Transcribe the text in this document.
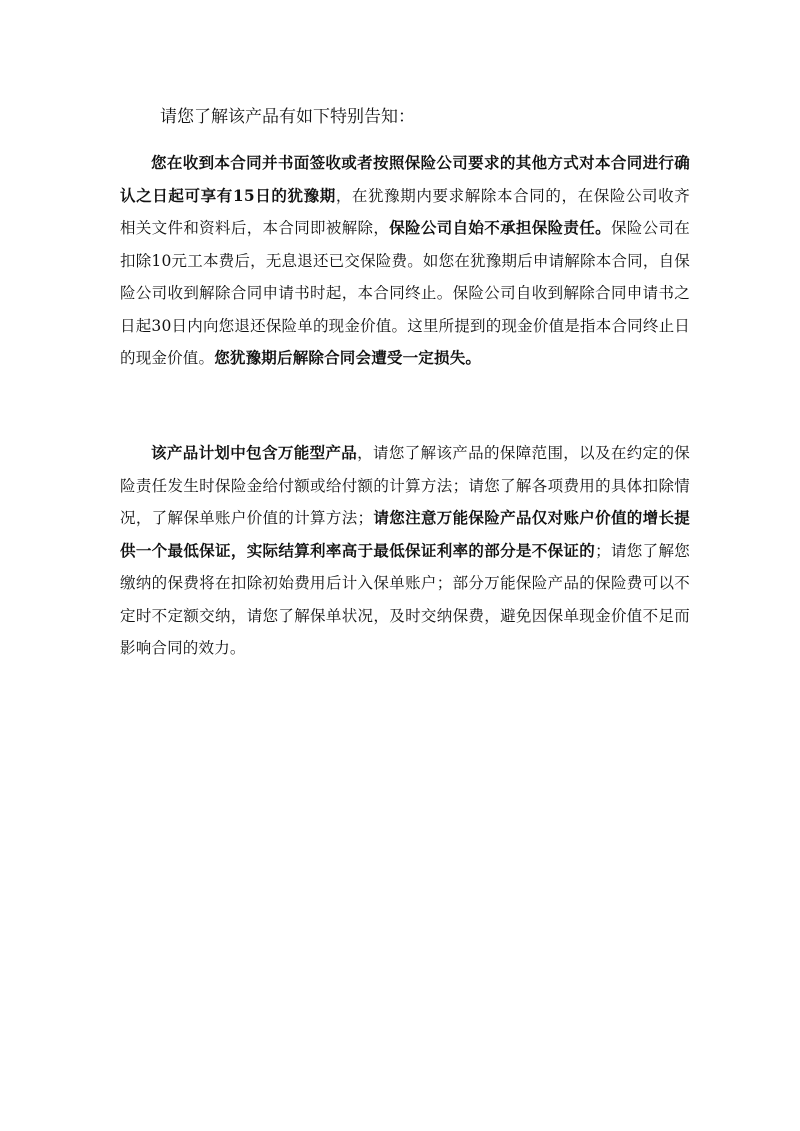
请您了解该产品有如下特别告知：

您在收到本合同并书面签收或者按照保险公司要求的其他方式对本合同进行确认之日起可享有15日的犹豫期，在犹豫期内要求解除本合同的，在保险公司收齐相关文件和资料后，本合同即被解除，保险公司自始不承担保险责任。保险公司在扣除10元工本费后，无息退还已交保险费。如您在犹豫期后申请解除本合同，自保险公司收到解除合同申请书时起，本合同终止。保险公司自收到解除合同申请书之日起30日内向您退还保险单的现金价值。这里所提到的现金价值是指本合同终止日的现金价值。您犹豫期后解除合同会遭受一定损失。

该产品计划中包含万能型产品，请您了解该产品的保障范围，以及在约定的保险责任发生时保险金给付额或给付额的计算方法；请您了解各项费用的具体扣除情况，了解保单账户价值的计算方法；请您注意万能保险产品仅对账户价值的增长提供一个最低保证，实际结算利率高于最低保证利率的部分是不保证的；请您了解您缴纳的保费将在扣除初始费用后计入保单账户；部分万能保险产品的保险费可以不定时不定额交纳，请您了解保单状况，及时交纳保费，避免因保单现金价值不足而影响合同的效力。
